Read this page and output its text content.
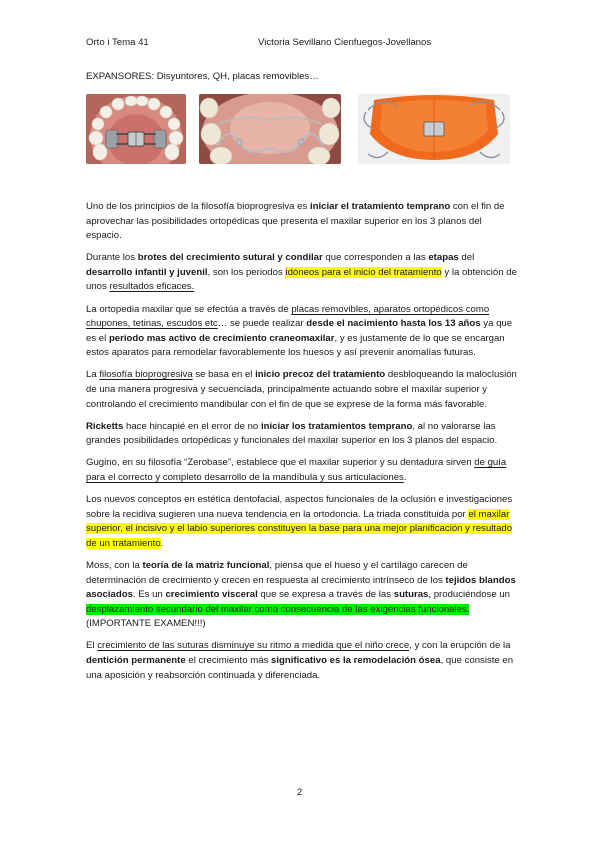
Orto i Tema 41	Victoria Sevillano Cienfuegos-Jovellanos
EXPANSORES: Disyuntores, QH, placas removibles…

Uno de los principios de la filosofía bioprogresiva es iniciar el tratamiento temprano con el fin de aprovechar las posibilidades ortopédicas que presenta el maxilar superior en los 3 planos del espacio.

Durante los brotes del crecimiento sutural y condilar que corresponden a las etapas del desarrollo infantil y juvenil, son los periodos idóneos para el inicio del tratamiento y la obtención de unos resultados eficaces.

La ortopedia maxilar que se efectúa a través de placas removibles, aparatos ortopédicos como chupones, tetinas, escudos etc… se puede realizar desde el nacimiento hasta los 13 años ya que es el periodo mas activo de crecimiento craneomaxilar, y es justamente de lo que se encargan estos aparatos para remodelar favorablemente los huesos y así prevenir anomalías futuras.

La filosofía bioprogresiva se basa en el inicio precoz del tratamiento desbloqueando la maloclusión de una manera progresiva y secuenciada, principalmente actuando sobre el maxilar superior y controlando el crecimiento mandibular con el fin de que se exprese de la forma más favorable.

Ricketts hace hincapié en el error de no iniciar los tratamientos temprano, al no valorarse las grandes posibilidades ortopédicas y funcionales del maxilar superior en los 3 planos del espacio.

Gugino, en su filosofía “Zerobase”, establece que el maxilar superior y su dentadura sirven de guía para el correcto y completo desarrollo de la mandíbula y sus articulaciones.

Los nuevos conceptos en estética dentofacial, aspectos funcionales de la oclusión e investigaciones sobre la recidiva sugieren una nueva tendencia en la ortodoncia. La triada constituida por el maxilar superior, el incisivo y el labio superiores constituyen la base para una mejor planificación y resultado de un tratamiento.

Moss, con la teoría de la matriz funcional, piensa que el hueso y el cartílago carecen de determinación de crecimiento y crecen en respuesta al crecimiento intrínseco de los tejidos blandos asociados. Es un crecimiento visceral que se expresa a través de las suturas, produciéndose un desplazamiento secundario del maxilar como consecuencia de las exigencias funcionales. (IMPORTANTE EXAMEN!!!)

El crecimiento de las suturas disminuye su ritmo a medida que el niño crece, y con la erupción de la dentición permanente el crecimiento más significativo es la remodelación ósea, que consiste en una aposición y reabsorción continuada y diferenciada.

2
